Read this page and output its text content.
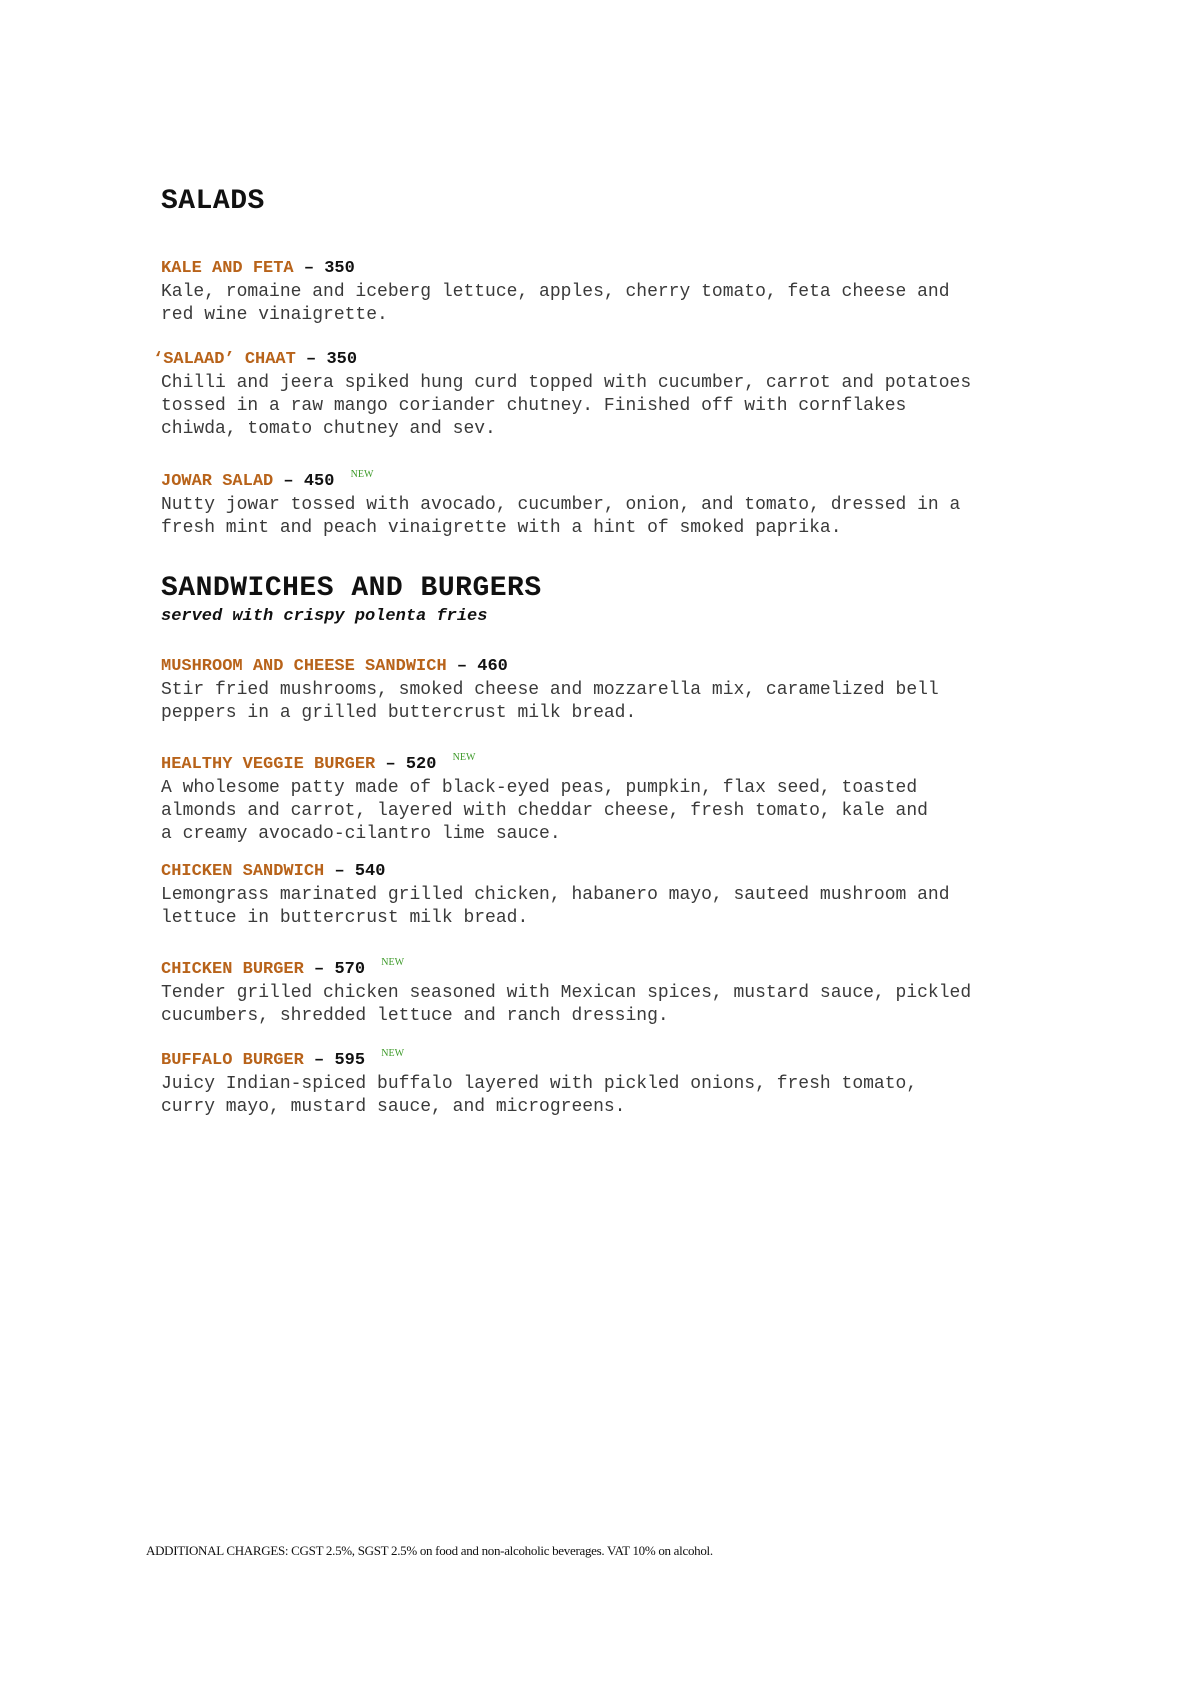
SALADS
KALE AND FETA – 350
Kale, romaine and iceberg lettuce, apples, cherry tomato, feta cheese and
red wine vinaigrette.
‘SALAAD’ CHAAT – 350
Chilli and jeera spiked hung curd topped with cucumber, carrot and potatoes
tossed in a raw mango coriander chutney. Finished off with cornflakes
chiwda, tomato chutney and sev.
JOWAR SALAD – 450 $^{NEW}$
Nutty jowar tossed with avocado, cucumber, onion, and tomato, dressed in a
fresh mint and peach vinaigrette with a hint of smoked paprika.
SANDWICHES AND BURGERS
served with crispy polenta fries
MUSHROOM AND CHEESE SANDWICH – 460
Stir fried mushrooms, smoked cheese and mozzarella mix, caramelized bell
peppers in a grilled buttercrust milk bread.
HEALTHY VEGGIE BURGER – 520 $^{NEW}$
A wholesome patty made of black-eyed peas, pumpkin, flax seed, toasted
almonds and carrot, layered with cheddar cheese, fresh tomato, kale and
a creamy avocado-cilantro lime sauce.
CHICKEN SANDWICH – 540
Lemongrass marinated grilled chicken, habanero mayo, sauteed mushroom and
lettuce in buttercrust milk bread.
CHICKEN BURGER – 570 $^{NEW}$
Tender grilled chicken seasoned with Mexican spices, mustard sauce, pickled
cucumbers, shredded lettuce and ranch dressing.
BUFFALO BURGER – 595 $^{NEW}$
Juicy Indian-spiced buffalo layered with pickled onions, fresh tomato,
curry mayo, mustard sauce, and microgreens.
ADDITIONAL CHARGES: CGST 2.5%, SGST 2.5% on food and non-alcoholic beverages. VAT 10% on alcohol.
